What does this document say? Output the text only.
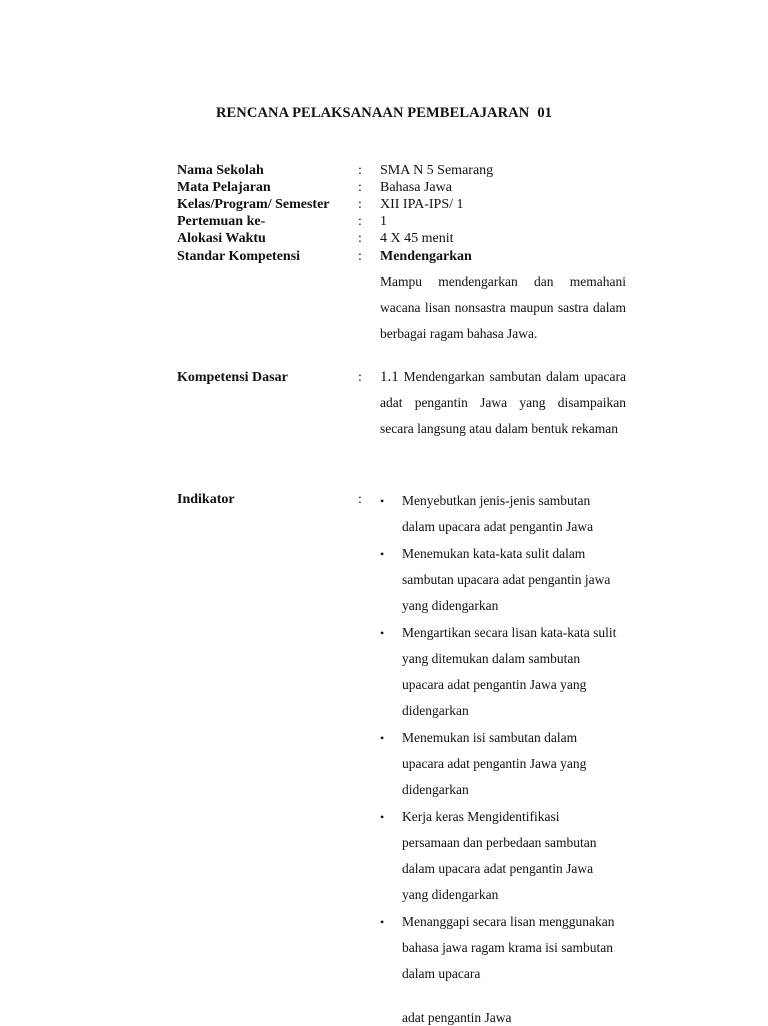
RENCANA PELAKSANAAN PEMBELAJARAN 01
Nama Sekolah	: SMA N 5 Semarang
Mata Pelajaran	: Bahasa Jawa
Kelas/Program/ Semester : XII IPA-IPS/ 1
Pertemuan ke-	: 1
Alokasi Waktu	: 4 X 45 menit
Standar Kompetensi	: Mendengarkan
Mampu mendengarkan dan memahani wacana lisan nonsastra maupun sastra dalam berbagai ragam bahasa Jawa.
Kompetensi Dasar	: 1.1 Mendengarkan sambutan dalam upacara adat pengantin Jawa yang disampaikan secara langsung atau dalam bentuk rekaman
Indikator	: • Menyebutkan jenis-jenis sambutan dalam upacara adat pengantin Jawa
• Menemukan kata-kata sulit dalam sambutan upacara adat pengantin jawa yang didengarkan
• Mengartikan secara lisan kata-kata sulit yang ditemukan dalam sambutan upacara adat pengantin Jawa yang didengarkan
• Menemukan isi sambutan dalam upacara adat pengantin Jawa yang didengarkan
• Kerja keras Mengidentifikasi persamaan dan perbedaan sambutan dalam upacara adat pengantin Jawa yang didengarkan
• Menanggapi secara lisan menggunakan bahasa jawa ragam krama isi sambutan dalam upacara
adat pengantin Jawa
